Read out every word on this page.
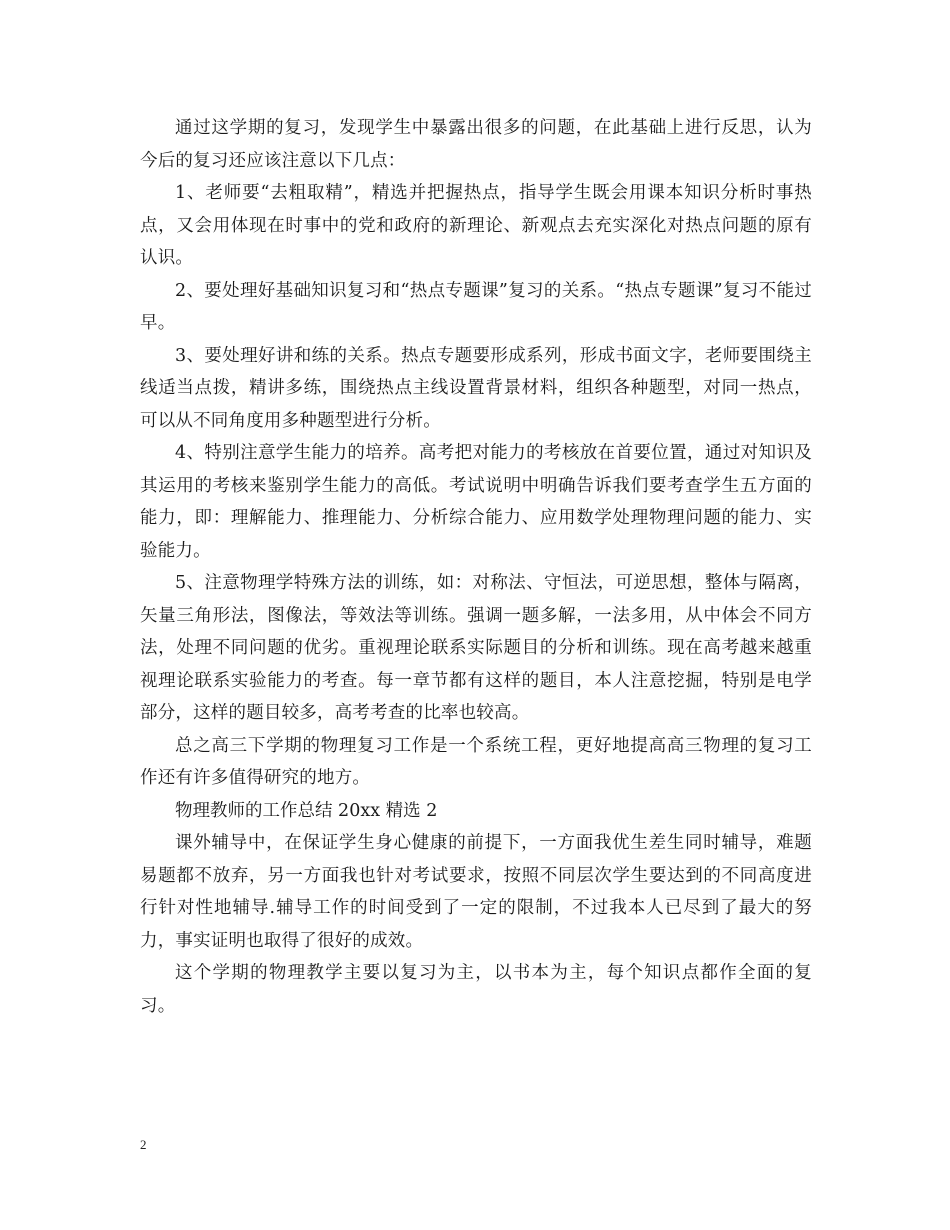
通过这学期的复习，发现学生中暴露出很多的问题，在此基础上进行反思，认为今后的复习还应该注意以下几点：

1、老师要“去粗取精”，精选并把握热点，指导学生既会用课本知识分析时事热点，又会用体现在时事中的党和政府的新理论、新观点去充实深化对热点问题的原有认识。

2、要处理好基础知识复习和“热点专题课”复习的关系。“热点专题课”复习不能过早。

3、要处理好讲和练的关系。热点专题要形成系列，形成书面文字，老师要围绕主线适当点拨，精讲多练，围绕热点主线设置背景材料，组织各种题型，对同一热点，可以从不同角度用多种题型进行分析。

4、特别注意学生能力的培养。高考把对能力的考核放在首要位置，通过对知识及其运用的考核来鉴别学生能力的高低。考试说明中明确告诉我们要考查学生五方面的能力，即：理解能力、推理能力、分析综合能力、应用数学处理物理问题的能力、实验能力。

5、注意物理学特殊方法的训练，如：对称法、守恒法，可逆思想，整体与隔离，矢量三角形法，图像法，等效法等训练。强调一题多解，一法多用，从中体会不同方法，处理不同问题的优劣。重视理论联系实际题目的分析和训练。现在高考越来越重视理论联系实验能力的考查。每一章节都有这样的题目，本人注意挖掘，特别是电学部分，这样的题目较多，高考考查的比率也较高。

总之高三下学期的物理复习工作是一个系统工程，更好地提高高三物理的复习工作还有许多值得研究的地方。

物理教师的工作总结 20xx 精选 2

课外辅导中，在保证学生身心健康的前提下，一方面我优生差生同时辅导，难题易题都不放弃，另一方面我也针对考试要求，按照不同层次学生要达到的不同高度进行针对性地辅导.辅导工作的时间受到了一定的限制，不过我本人已尽到了最大的努力，事实证明也取得了很好的成效。

这个学期的物理教学主要以复习为主，以书本为主，每个知识点都作全面的复习。

2
